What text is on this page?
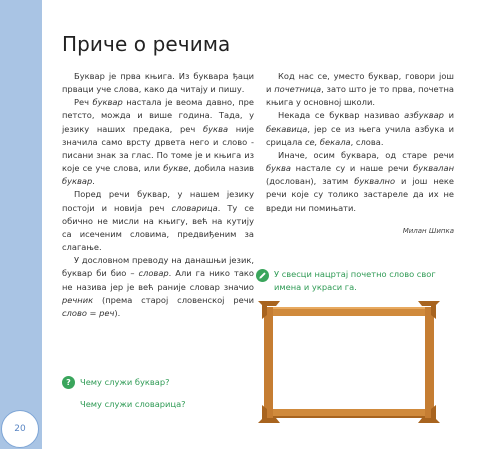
20
Приче о речима

Буквар је прва књига. Из буквара ђаци прваци уче слова, како да читају и пишу.

Реч буквар настала је веома давно, пре петсто, можда и више година. Тада, у језику наших предака, реч буква није значила само врсту дрвета него и слово - писани знак за глас. По томе је и књига из које се уче слова, или букве, добила назив буквар.

Поред речи буквар, у нашем језику постоји и новија реч словарица. Ту се обично не мисли на књигу, већ на кутију са исеченим словима, предвиђеним за слагање.

У дословном преводу на данашњи језик, буквар би био – словар. Али га нико тако не назива јер је већ раније словар значио речник (према старој словенској речи слово = реч).

Код нас се, уместо буквар, говори још и почетница, зато што је то прва, почетна књига у основној школи.

Некада се буквар називао азбуквар и бекавица, јер се из њега учила азбука и срицала се, бекала, слова.

Иначе, осим буквара, од старе речи буква настале су и наше речи буквалан (дослован), затим буквално и још неке речи које су толико застареле да их не вреди ни помињати.

Милан Шипка

?	Чему служи буквар?
Чему служи словарица?
У свесци нацртај почетно слово свог имена и украси га.
